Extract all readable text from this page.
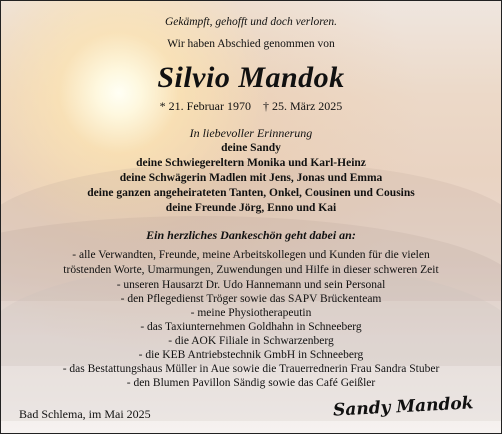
Gekämpft, gehofft und doch verloren.
Wir haben Abschied genommen von
Silvio Mandok
* 21. Februar 1970    † 25. März 2025
In liebevoller Erinnerung
deine Sandy
deine Schwiegereltern Monika und Karl-Heinz
deine Schwägerin Madlen mit Jens, Jonas und Emma
deine ganzen angeheirateten Tanten, Onkel, Cousinen und Cousins
deine Freunde Jörg, Enno und Kai
Ein herzliches Dankeschön geht dabei an:
- alle Verwandten, Freunde, meine Arbeitskollegen und Kunden für die vielen
tröstenden Worte, Umarmungen, Zuwendungen und Hilfe in dieser schweren Zeit
- unseren Hausarzt Dr. Udo Hannemann und sein Personal
- den Pflegedienst Tröger sowie das SAPV Brückenteam
- meine Physiotherapeutin
- das Taxiunternehmen Goldhahn in Schneeberg
- die AOK Filiale in Schwarzenberg
- die KEB Antriebstechnik GmbH in Schneeberg
- das Bestattungshaus Müller in Aue sowie die Trauerrednerin Frau Sandra Stuber
- den Blumen Pavillon Sändig sowie das Café Geißler
Bad Schlema, im Mai 2025	Sandy Mandok
